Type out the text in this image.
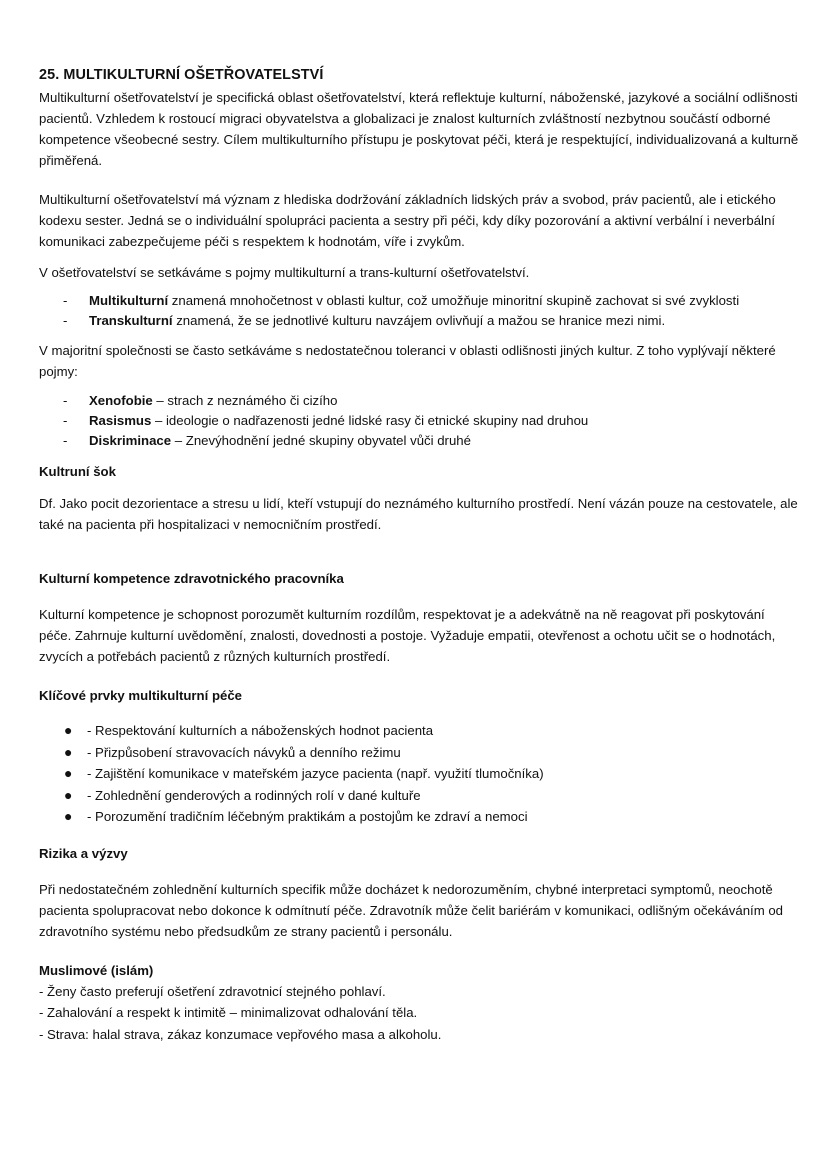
25. MULTIKULTURNÍ OŠETŘOVATELSTVÍ

Multikulturní ošetřovatelství je specifická oblast ošetřovatelství, která reflektuje kulturní, náboženské, jazykové a sociální odlišnosti pacientů. Vzhledem k rostoucí migraci obyvatelstva a globalizaci je znalost kulturních zvláštností nezbytnou součástí odborné kompetence všeobecné sestry. Cílem multikulturního přístupu je poskytovat péči, která je respektující, individualizovaná a kulturně přiměřená.

Multikulturní ošetřovatelství má význam z hlediska dodržování základních lidských práv a svobod, práv pacientů, ale i etického kodexu sester. Jedná se o individuální spolupráci pacienta a sestry při péči, kdy díky pozorování a aktivní verbální i neverbální komunikaci zabezpečujeme péči s respektem k hodnotám, víře i zvykům.

V ošetřovatelství se setkáváme s pojmy multikulturní a trans-kulturní ošetřovatelství.

- Multikulturní znamená mnohočetnost v oblasti kultur, což umožňuje minoritní skupině zachovat si své zvyklosti
- Transkulturní znamená, že se jednotlivé kulturu navzájem ovlivňují a mažou se hranice mezi nimi.

V majoritní společnosti se často setkáváme s nedostatečnou toleranci v oblasti odlišnosti jiných kultur. Z toho vyplývají některé pojmy:

- Xenofobie – strach z neznámého či cizího
- Rasismus – ideologie o nadřazenosti jedné lidské rasy či etnické skupiny nad druhou
- Diskriminace – Znevýhodnění jedné skupiny obyvatel vůči druhé

Kultruní šok

Df. Jako pocit dezorientace a stresu u lidí, kteří vstupují do neznámého kulturního prostředí. Není vázán pouze na cestovatele, ale také na pacienta při hospitalizaci v nemocničním prostředí.

Kulturní kompetence zdravotnického pracovníka

Kulturní kompetence je schopnost porozumět kulturním rozdílům, respektovat je a adekvátně na ně reagovat při poskytování péče. Zahrnuje kulturní uvědomění, znalosti, dovednosti a postoje. Vyžaduje empatii, otevřenost a ochotu učit se o hodnotách, zvycích a potřebách pacientů z různých kulturních prostředí.

Klíčové prvky multikulturní péče

● - Respektování kulturních a náboženských hodnot pacienta
● - Přizpůsobení stravovacích návyků a denního režimu
● - Zajištění komunikace v mateřském jazyce pacienta (např. využití tlumočníka)
● - Zohlednění genderových a rodinných rolí v dané kultuře
● - Porozumění tradičním léčebným praktikám a postojům ke zdraví a nemoci

Rizika a výzvy

Při nedostatečném zohlednění kulturních specifik může docházet k nedorozuměním, chybné interpretaci symptomů, neochotě pacienta spolupracovat nebo dokonce k odmítnutí péče. Zdravotník může čelit bariérám v komunikaci, odlišným očekáváním od zdravotního systému nebo předsudkům ze strany pacientů i personálu.

Muslimové (islám)

- Ženy často preferují ošetření zdravotnicí stejného pohlaví.
- Zahalování a respekt k intimitě – minimalizovat odhalování těla.
- Strava: halal strava, zákaz konzumace vepřového masa a alkoholu.
